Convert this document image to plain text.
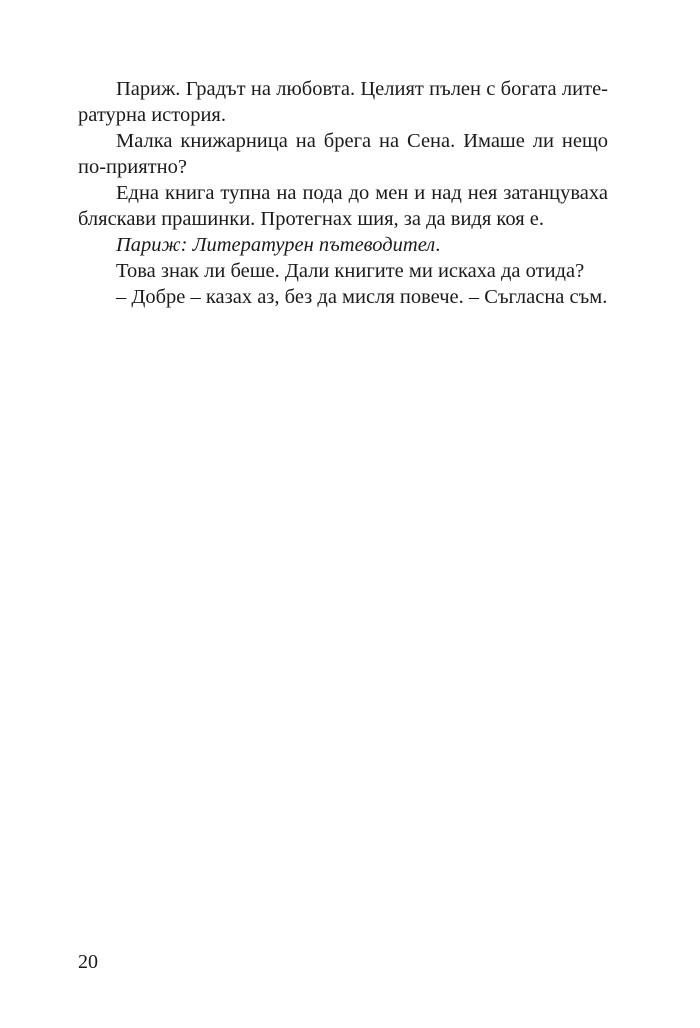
Париж. Градът на любовта. Целият пълен с богата лите-
ратурна история.

Малка книжарница на брега на Сена. Имаше ли нещо
по-приятно?

Една книга тупна на пода до мен и над нея затанцуваха
бляскави прашинки. Протегнах шия, за да видя коя е.

Париж: Литературен пътеводител.

Това знак ли беше. Дали книгите ми искаха да отида?

– Добре – казах аз, без да мисля повече. – Съгласна съм.

20
